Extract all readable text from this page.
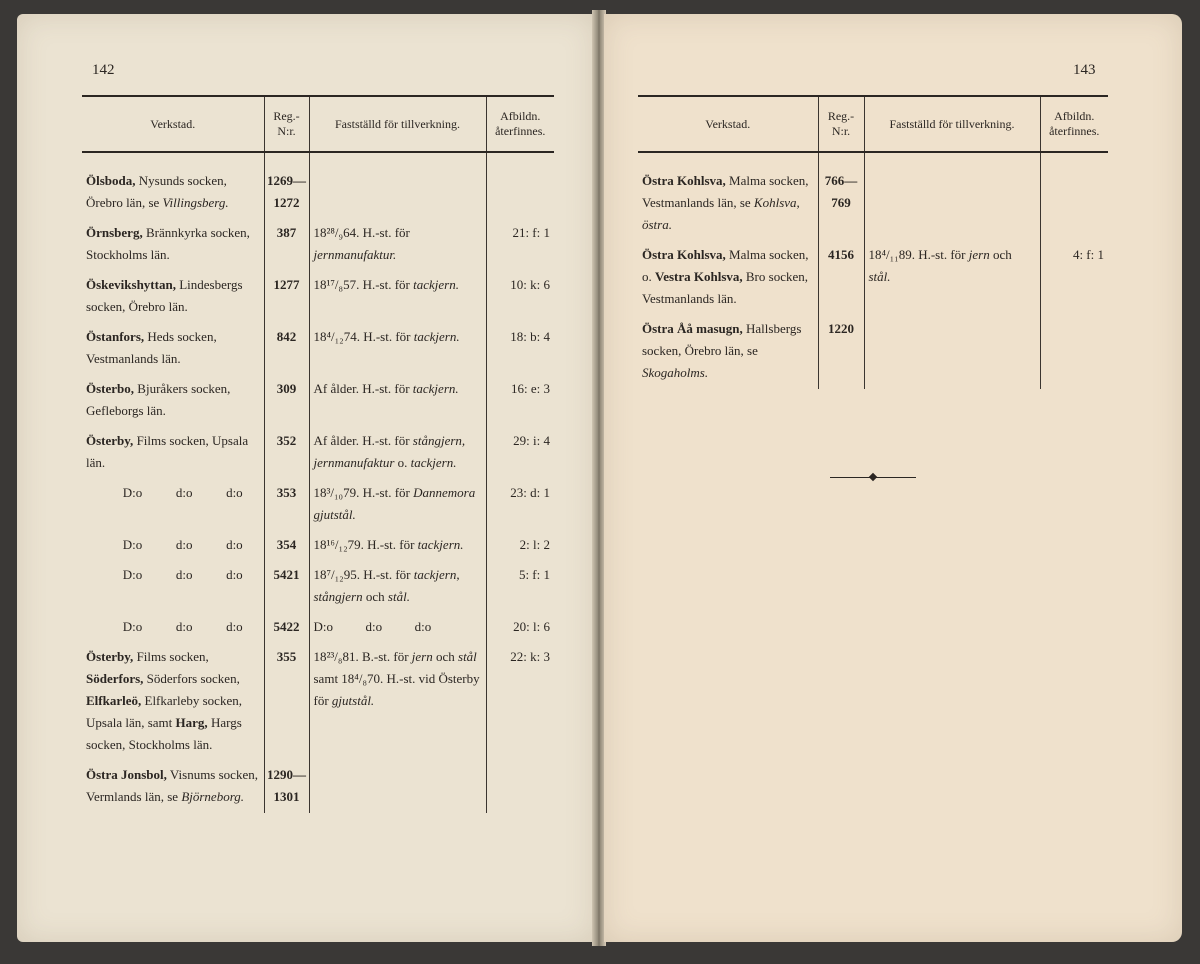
142	143
Verkstad.	Reg.- N:r.	Fastställd för tillverkning.	Afbildn. återfinnes.

Ölsboda, Nysunds socken, Örebro län, se Villingsberg.	1269— 1272		
Örnsberg, Brännkyrka socken, Stockholms län.	387	18²⁸/₉64. H.-st. för jernmanufaktur.	21: f: 1
Öskevikshyttan, Lindesbergs socken, Örebro län.	1277	18¹⁷/₈57. H.-st. för tackjern.	10: k: 6
Östanfors, Heds socken, Vestmanlands län.	842	18⁴/₁₂74. H.-st. för tackjern.	18: b: 4
Österbo, Bjuråkers socken, Gefleborgs län.	309	Af ålder. H.-st. för tackjern.	16: e: 3
Österby, Films socken, Upsala län.	352	Af ålder. H.-st. för stångjern, jernmanufaktur o. tackjern.	29: i: 4

D:o d:o d:o	353	18³/₁₀79. H.-st. för Dannemora gjutstål.	23: d: 1

D:o d:o d:o	354	18¹⁶/₁₂79. H.-st. för tackjern.	2: l: 2

D:o d:o d:o	5421	18⁷/₁₂95. H.-st. för tackjern, stångjern och stål.	5: f: 1

D:o d:o d:o	5422	D:o          d:o          d:o	20: l: 6
Österby, Films socken, Söderfors, Söderfors socken, Elfkarleö, Elfkarleby socken, Upsala län, samt Harg, Hargs socken, Stockholms län.	355	18²³/₈81. B.-st. för jern och stål samt 18⁴/₈70. H.-st. vid Österby för gjutstål.	22: k: 3
Östra Jonsbol, Visnums socken, Vermlands län, se Björneborg.	1290— 1301		
Verkstad.	Reg.- N:r.	Fastställd för tillverkning.	Afbildn. återfinnes.

Östra Kohlsva, Malma socken, Vestmanlands län, se Kohlsva, östra.	766— 769		
Östra Kohlsva, Malma socken, o. Vestra Kohlsva, Bro socken, Vestmanlands län.	4156	18⁴/₁₁89. H.-st. för jern och stål.	4: f: 1
Östra Åå masugn, Hallsbergs socken, Örebro län, se Skogaholms.	1220		
